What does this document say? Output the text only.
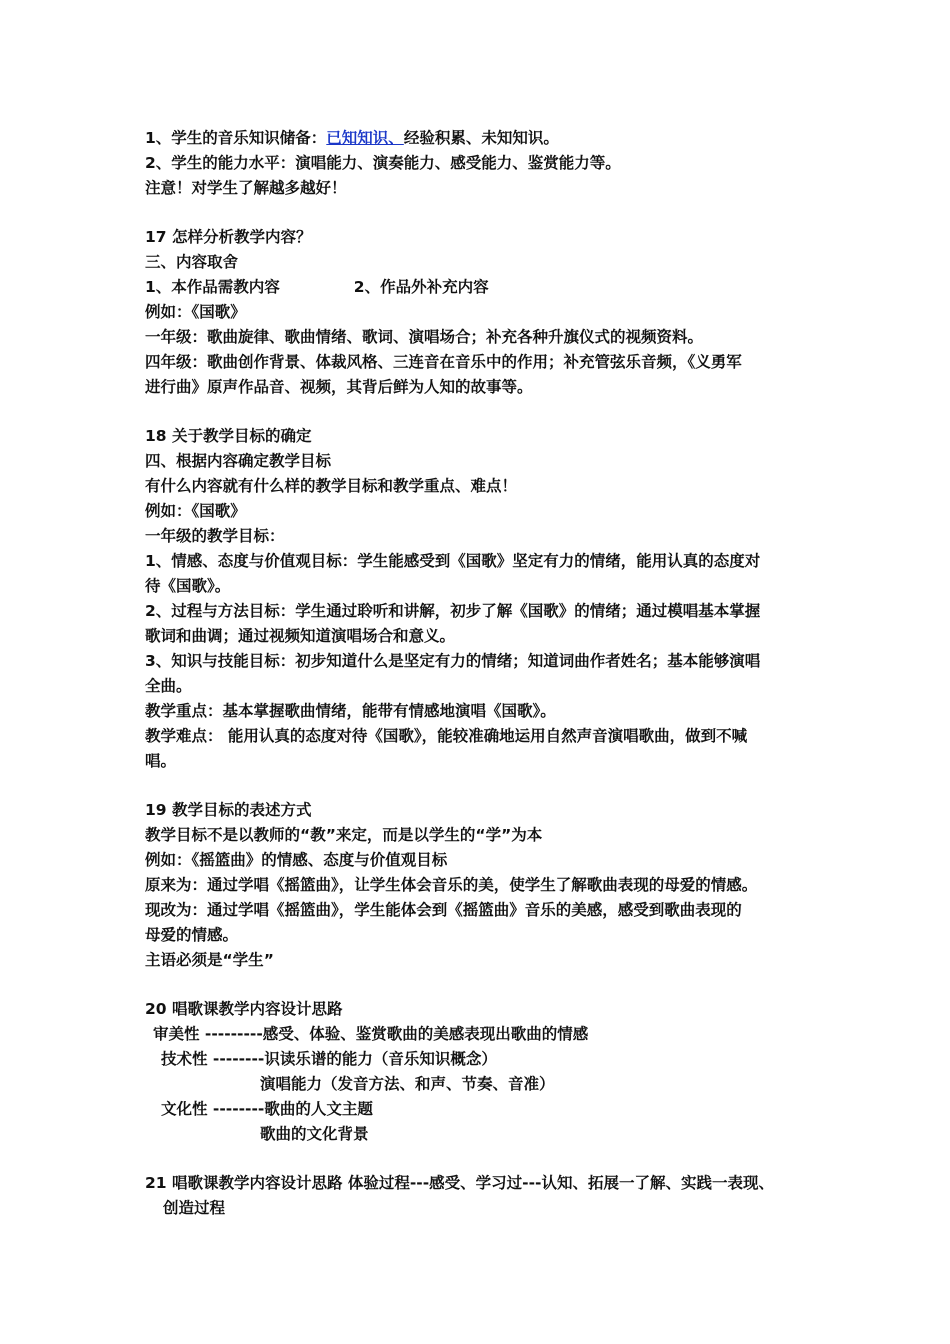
1、学生的音乐知识储备：已知知识、经验积累、未知知识。
2、学生的能力水平：演唱能力、演奏能力、感受能力、鉴赏能力等。
注意！对学生了解越多越好！
17 怎样分析教学内容？
三、内容取舍
1、本作品需教内容	2、作品外补充内容
例如：《国歌》
一年级：歌曲旋律、歌曲情绪、歌词、演唱场合；补充各种升旗仪式的视频资料。
四年级：歌曲创作背景、体裁风格、三连音在音乐中的作用；补充管弦乐音频，《义勇军
进行曲》原声作品音、视频，其背后鲜为人知的故事等。
18 关于教学目标的确定
四、根据内容确定教学目标
有什么内容就有什么样的教学目标和教学重点、难点！
例如：《国歌》
一年级的教学目标：
1、情感、态度与价值观目标：学生能感受到《国歌》坚定有力的情绪，能用认真的态度对
待《国歌》。
2、过程与方法目标：学生通过聆听和讲解，初步了解《国歌》的情绪；通过模唱基本掌握
歌词和曲调；通过视频知道演唱场合和意义。
3、知识与技能目标：初步知道什么是坚定有力的情绪；知道词曲作者姓名；基本能够演唱
全曲。
教学重点：基本掌握歌曲情绪，能带有情感地演唱《国歌》。
教学难点： 能用认真的态度对待《国歌》，能较准确地运用自然声音演唱歌曲，做到不喊
唱。
19 教学目标的表述方式
教学目标不是以教师的“教”来定，而是以学生的“学”为本
例如：《摇篮曲》的情感、态度与价值观目标
原来为：通过学唱《摇篮曲》，让学生体会音乐的美，使学生了解歌曲表现的母爱的情感。
现改为：通过学唱《摇篮曲》，学生能体会到《摇篮曲》音乐的美感，感受到歌曲表现的
母爱的情感。
主语必须是“学生”
20 唱歌课教学内容设计思路
审美性 ---------感受、体验、鉴赏歌曲的美感表现出歌曲的情感
技术性 --------识读乐谱的能力（音乐知识概念）
演唱能力（发音方法、和声、节奏、音准）
文化性 --------歌曲的人文主题
歌曲的文化背景
21 唱歌课教学内容设计思路 体验过程---感受、学习过---认知、拓展一了解、实践一表现、
创造过程
